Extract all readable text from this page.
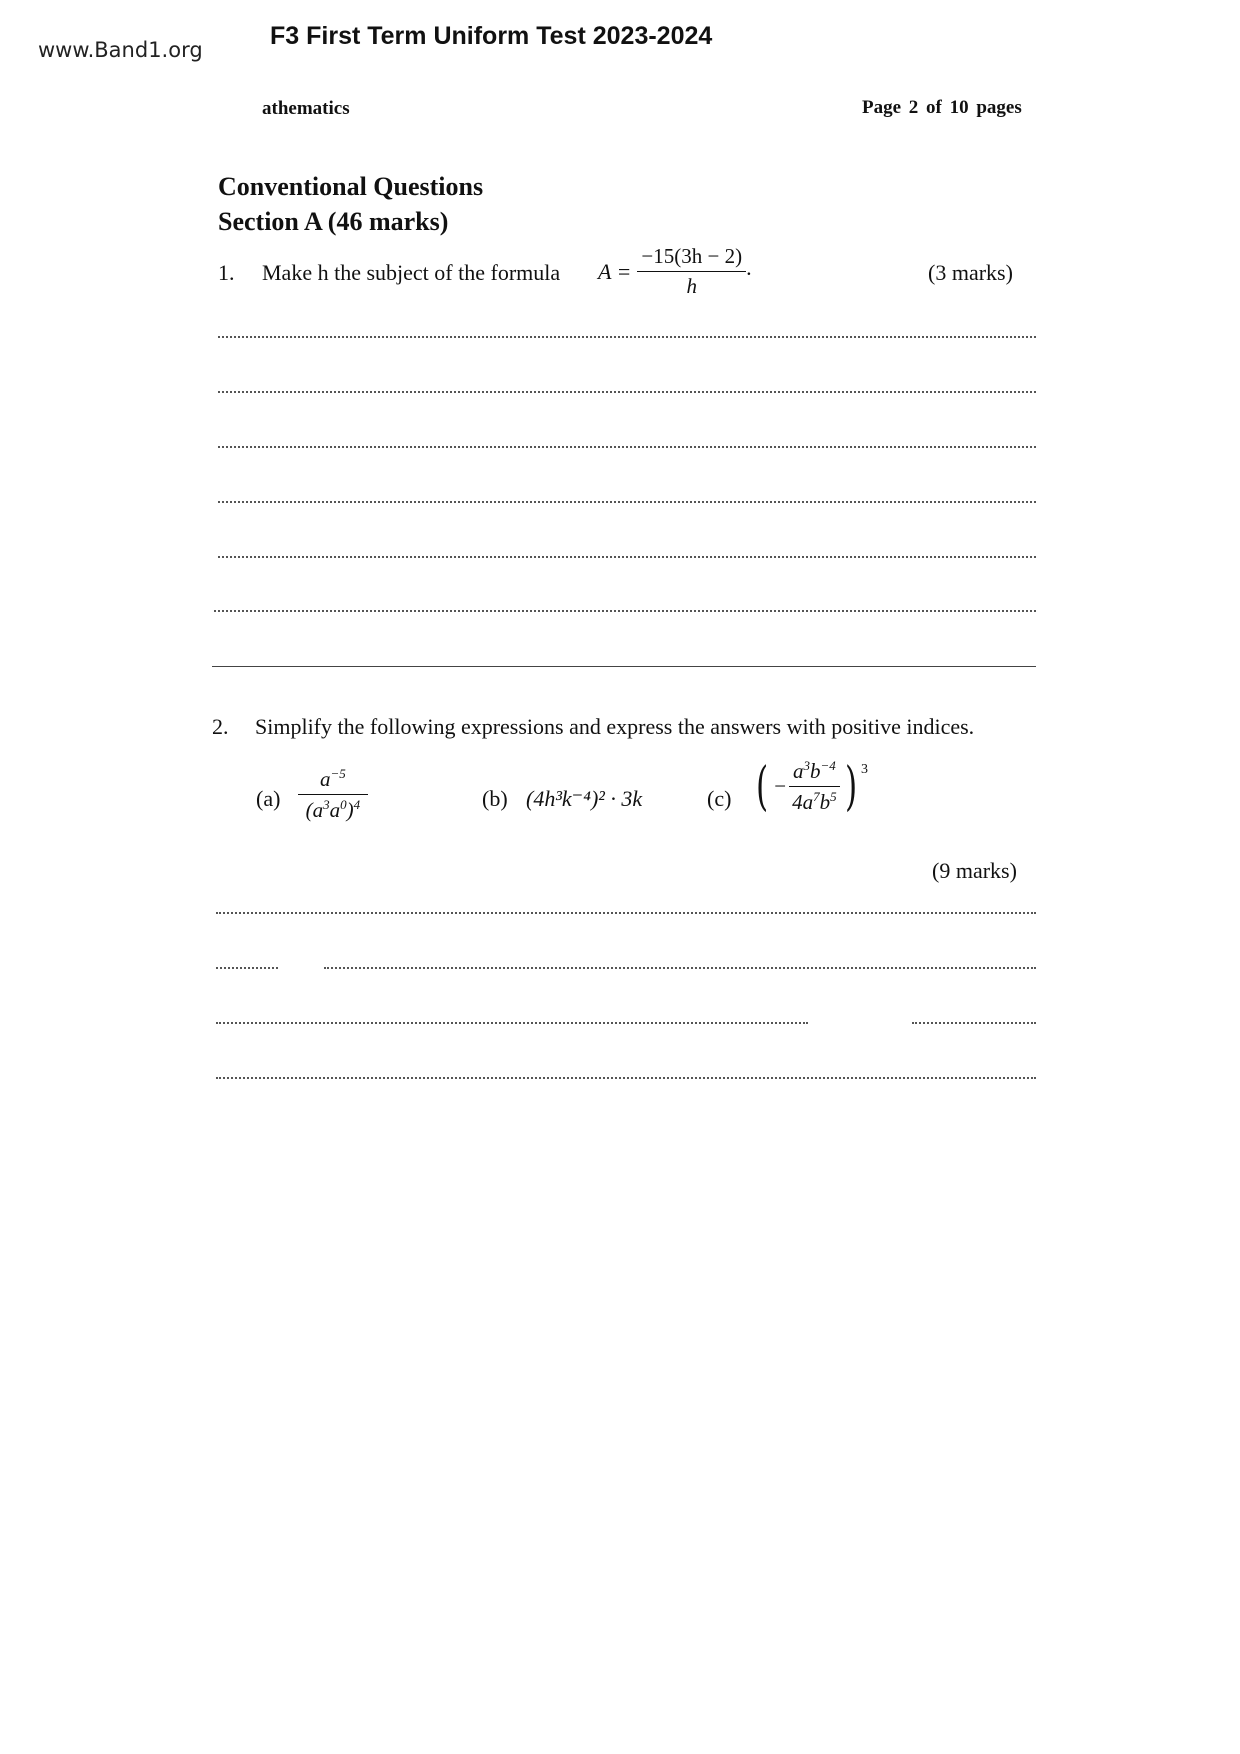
www.Band1.org	F3 First Term Uniform Test 2023-2024
athematics	Page 2 of 10 pages
Conventional Questions
Section A (46 marks)
1. Make h the subject of the formula $A = \frac{-15(3h - 2)}{h}$ .	(3 marks)
2. Simplify the following expressions and express the answers with positive indices.
$(a) \frac{a^{-5}}{(a^3a^0)^4}$	(b) (4h³k⁻⁴)² · 3k	(c) ( − $\frac{a^3b^{-4}}{4a^7b^5}$ ) 3
(9 marks)
